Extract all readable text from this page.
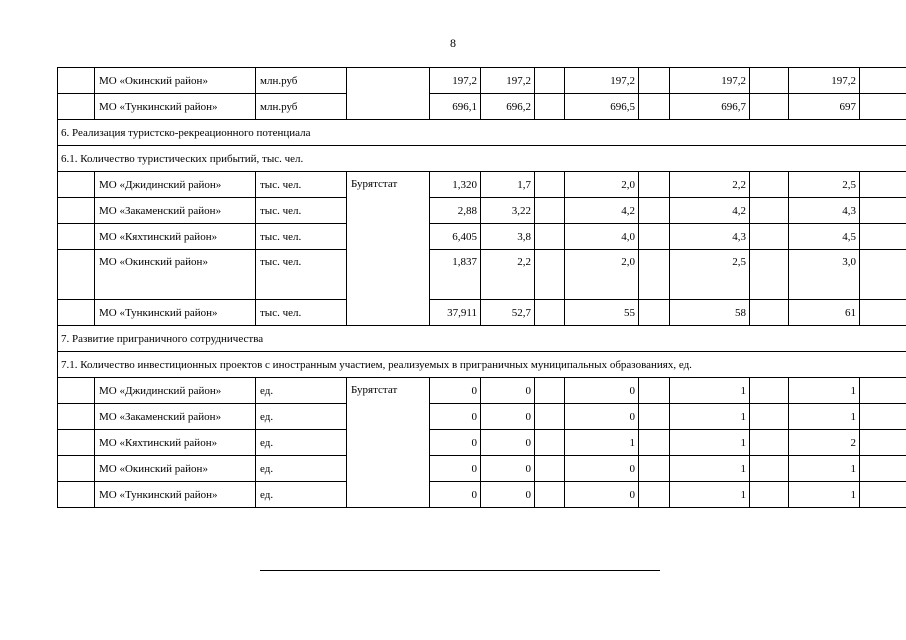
8
	МО «Окинский район»	млн.руб		197,2	197,2		197,2		197,2		197,2	
	МО «Тункинский район»	млн.руб		696,1	696,2		696,5		696,7		697	
6. Реализация туристско-рекреационного потенциала												
6.1. Количество туристических прибытий, тыс. чел.												
	МО «Джидинский район»	тыс. чел.	Бурятстат	1,320	1,7		2,0		2,2		2,5	
	МО «Закаменский район»	тыс. чел.		2,88	3,22		4,2		4,2		4,3	
	МО «Кяхтинский район»	тыс. чел.		6,405	3,8		4,0		4,3		4,5	
	МО «Окинский район»	тыс. чел.		1,837	2,2		2,0		2,5		3,0	
	МО «Тункинский район»	тыс. чел.		37,911	52,7		55		58		61	
7. Развитие приграничного сотрудничества												
7.1. Количество инвестиционных проектов с иностранным участием, реализуемых в приграничных муниципальных образованиях, ед.												
	МО «Джидинский район»	ед.	Бурятстат	0	0		0		1		1	
	МО «Закаменский район»	ед.		0	0		0		1		1	
	МО «Кяхтинский район»	ед.		0	0		1		1		2	
	МО «Окинский район»	ед.		0	0		0		1		1	
	МО «Тункинский район»	ед.		0	0		0		1		1	
